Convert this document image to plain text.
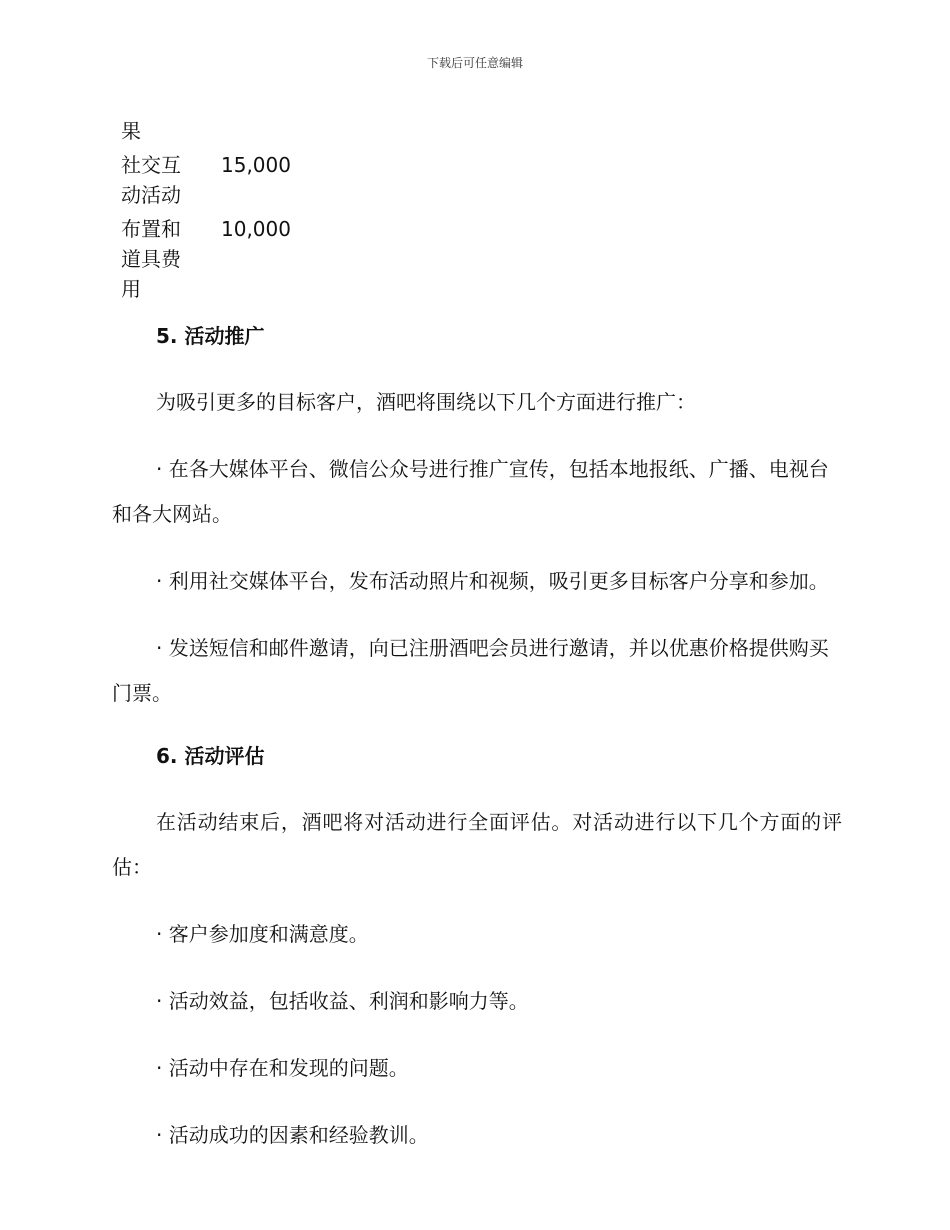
下载后可任意编辑
果
社交互动活动
15,000
布置和道具费用
10,000
5. 活动推广

为吸引更多的目标客户，酒吧将围绕以下几个方面进行推广：

· 在各大媒体平台、微信公众号进行推广宣传，包括本地报纸、广播、电视台和各大网站。

· 利用社交媒体平台，发布活动照片和视频，吸引更多目标客户分享和参加。

· 发送短信和邮件邀请，向已注册酒吧会员进行邀请，并以优惠价格提供购买门票。

6. 活动评估

在活动结束后，酒吧将对活动进行全面评估。对活动进行以下几个方面的评估：

· 客户参加度和满意度。

· 活动效益，包括收益、利润和影响力等。

· 活动中存在和发现的问题。

· 活动成功的因素和经验教训。
